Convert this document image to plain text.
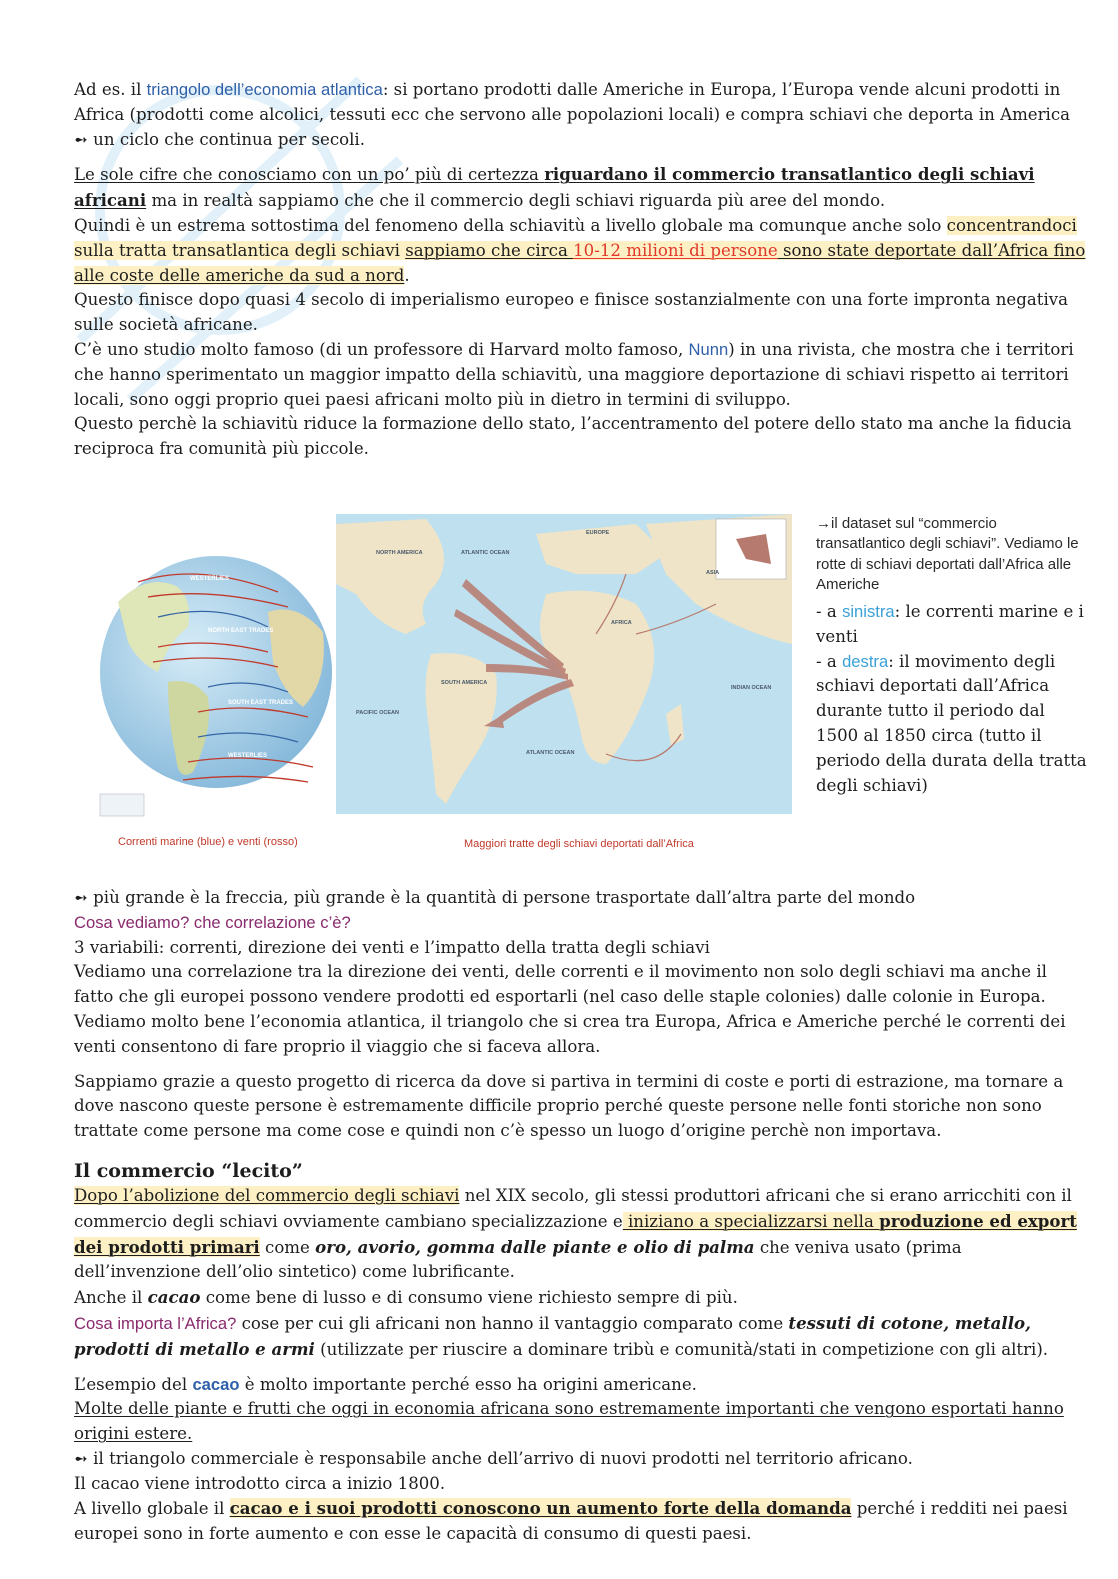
Ad es. il triangolo dell’economia atlantica: si portano prodotti dalle Americhe in Europa, l’Europa vende alcuni prodotti in Africa (prodotti come alcolici, tessuti ecc che servono alle popolazioni locali) e compra schiavi che deporta in America ➻ un ciclo che continua per secoli.

Le sole cifre che conosciamo con un po’ più di certezza riguardano il commercio transatlantico degli schiavi africani ma in realtà sappiamo che che il commercio degli schiavi riguarda più aree del mondo.
Quindi è un estrema sottostima del fenomeno della schiavitù a livello globale ma comunque anche solo concentrandoci sulla tratta transatlantica degli schiavi sappiamo che circa 10-12 milioni di persone sono state deportate dall’Africa fino alle coste delle americhe da sud a nord.
Questo finisce dopo quasi 4 secolo di imperialismo europeo e finisce sostanzialmente con una forte impronta negativa sulle società africane.
C’è uno studio molto famoso (di un professore di Harvard molto famoso, Nunn) in una rivista, che mostra che i territori che hanno sperimentato un maggior impatto della schiavitù, una maggiore deportazione di schiavi rispetto ai territori locali, sono oggi proprio quei paesi africani molto più in dietro in termini di sviluppo.
Questo perchè la schiavitù riduce la formazione dello stato, l’accentramento del potere dello stato ma anche la fiducia reciproca fra comunità più piccole.

WESTERLIES
NORTH EAST TRADES
SOUTH EAST TRADES
WESTERLIES
Correnti marine (blue) e venti (rosso)
NORTH AMERICA	ATLANTIC OCEAN
EUROPE
AFRICA
ASIA
SOUTH AMERICA
PACIFIC OCEAN
INDIAN OCEAN
ATLANTIC OCEAN
Maggiori tratte degli schiavi deportati dall’Africa
→il dataset sul “commercio transatlantico degli schiavi”. Vediamo le rotte di schiavi deportati dall’Africa alle Americhe
- a sinistra: le correnti marine e i venti
- a destra: il movimento degli schiavi deportati dall’Africa durante tutto il periodo dal 1500 al 1850 circa (tutto il periodo della durata della tratta degli schiavi)

➻ più grande è la freccia, più grande è la quantità di persone trasportate dall’altra parte del mondo
Cosa vediamo? che correlazione c’è?
3 variabili: correnti, direzione dei venti e l’impatto della tratta degli schiavi
Vediamo una correlazione tra la direzione dei venti, delle correnti e il movimento non solo degli schiavi ma anche il fatto che gli europei possono vendere prodotti ed esportarli (nel caso delle staple colonies) dalle colonie in Europa.
Vediamo molto bene l’economia atlantica, il triangolo che si crea tra Europa, Africa e Americhe perché le correnti dei venti consentono di fare proprio il viaggio che si faceva allora.

Sappiamo grazie a questo progetto di ricerca da dove si partiva in termini di coste e porti di estrazione, ma tornare a dove nascono queste persone è estremamente difficile proprio perché queste persone nelle fonti storiche non sono trattate come persone ma come cose e quindi non c’è spesso un luogo d’origine perchè non importava.

Il commercio “lecito”

Dopo l’abolizione del commercio degli schiavi nel XIX secolo, gli stessi produttori africani che si erano arricchiti con il commercio degli schiavi ovviamente cambiano specializzazione e iniziano a specializzarsi nella produzione ed export dei prodotti primari come oro, avorio, gomma dalle piante e olio di palma che veniva usato (prima dell’invenzione dell’olio sintetico) come lubrificante.
Anche il cacao come bene di lusso e di consumo viene richiesto sempre di più.
Cosa importa l’Africa? cose per cui gli africani non hanno il vantaggio comparato come tessuti di cotone, metallo, prodotti di metallo e armi (utilizzate per riuscire a dominare tribù e comunità/stati in competizione con gli altri).

L’esempio del cacao è molto importante perché esso ha origini americane.
Molte delle piante e frutti che oggi in economia africana sono estremamente importanti che vengono esportati hanno origini estere.
➻ il triangolo commerciale è responsabile anche dell’arrivo di nuovi prodotti nel territorio africano.
Il cacao viene introdotto circa a inizio 1800.
A livello globale il cacao e i suoi prodotti conoscono un aumento forte della domanda perché i redditi nei paesi europei sono in forte aumento e con esse le capacità di consumo di questi paesi.
